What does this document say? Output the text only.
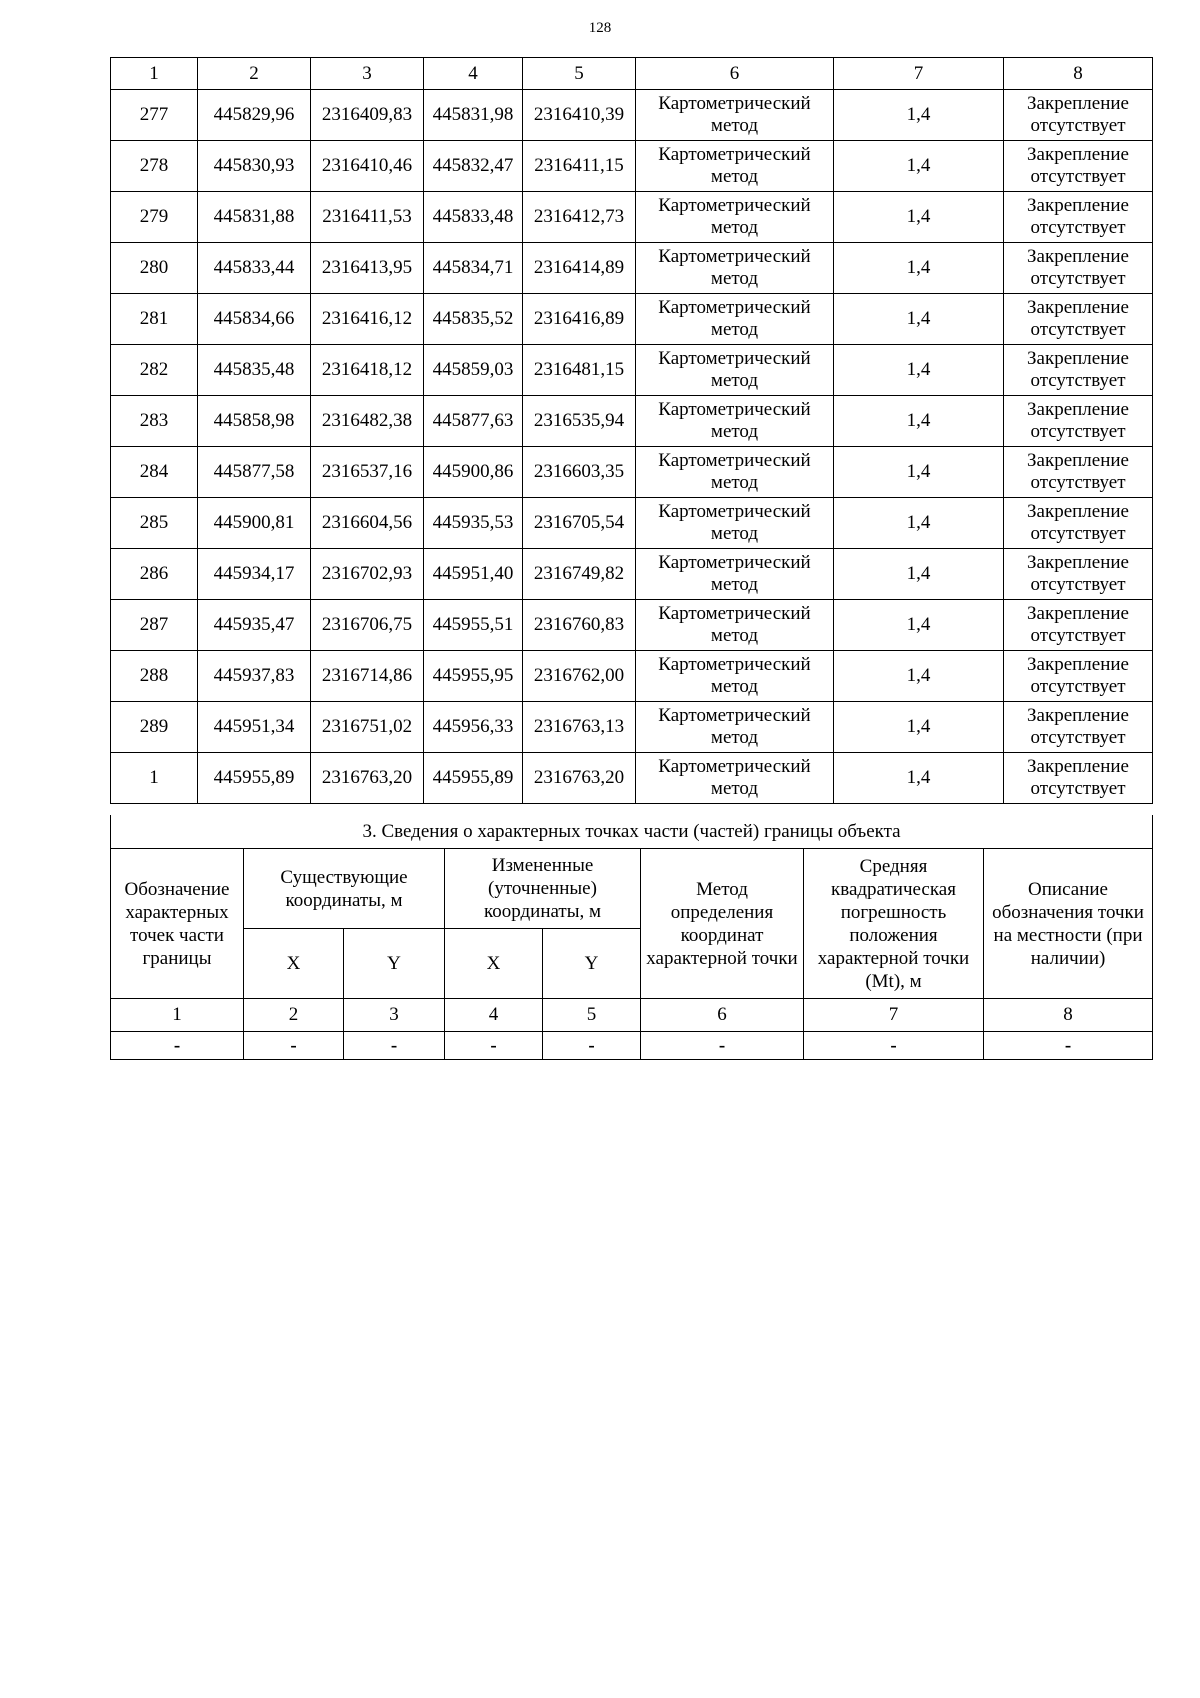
128
1	2	3	4	5	6	7	8
277	445829,96	2316409,83	445831,98	2316410,39	Картометрический метод	1,4	Закрепление отсутствует
278	445830,93	2316410,46	445832,47	2316411,15	Картометрический метод	1,4	Закрепление отсутствует
279	445831,88	2316411,53	445833,48	2316412,73	Картометрический метод	1,4	Закрепление отсутствует
280	445833,44	2316413,95	445834,71	2316414,89	Картометрический метод	1,4	Закрепление отсутствует
281	445834,66	2316416,12	445835,52	2316416,89	Картометрический метод	1,4	Закрепление отсутствует
282	445835,48	2316418,12	445859,03	2316481,15	Картометрический метод	1,4	Закрепление отсутствует
283	445858,98	2316482,38	445877,63	2316535,94	Картометрический метод	1,4	Закрепление отсутствует
284	445877,58	2316537,16	445900,86	2316603,35	Картометрический метод	1,4	Закрепление отсутствует
285	445900,81	2316604,56	445935,53	2316705,54	Картометрический метод	1,4	Закрепление отсутствует
286	445934,17	2316702,93	445951,40	2316749,82	Картометрический метод	1,4	Закрепление отсутствует
287	445935,47	2316706,75	445955,51	2316760,83	Картометрический метод	1,4	Закрепление отсутствует
288	445937,83	2316714,86	445955,95	2316762,00	Картометрический метод	1,4	Закрепление отсутствует
289	445951,34	2316751,02	445956,33	2316763,13	Картометрический метод	1,4	Закрепление отсутствует
1	445955,89	2316763,20	445955,89	2316763,20	Картометрический метод	1,4	Закрепление отсутствует
3. Сведения о характерных точках части (частей) границы объекта							
Обозначение характерных точек части границы	Существующие координаты, м		Измененные (уточненные) координаты, м		Метод определения координат характерной точки	Средняя квадратическая погрешность положения характерной точки (Mt), м	Описание обозначения точки на местности (при наличии)
	X	Y	X	Y			
1	2	3	4	5	6	7	8
-	-	-	-	-	-	-	-
